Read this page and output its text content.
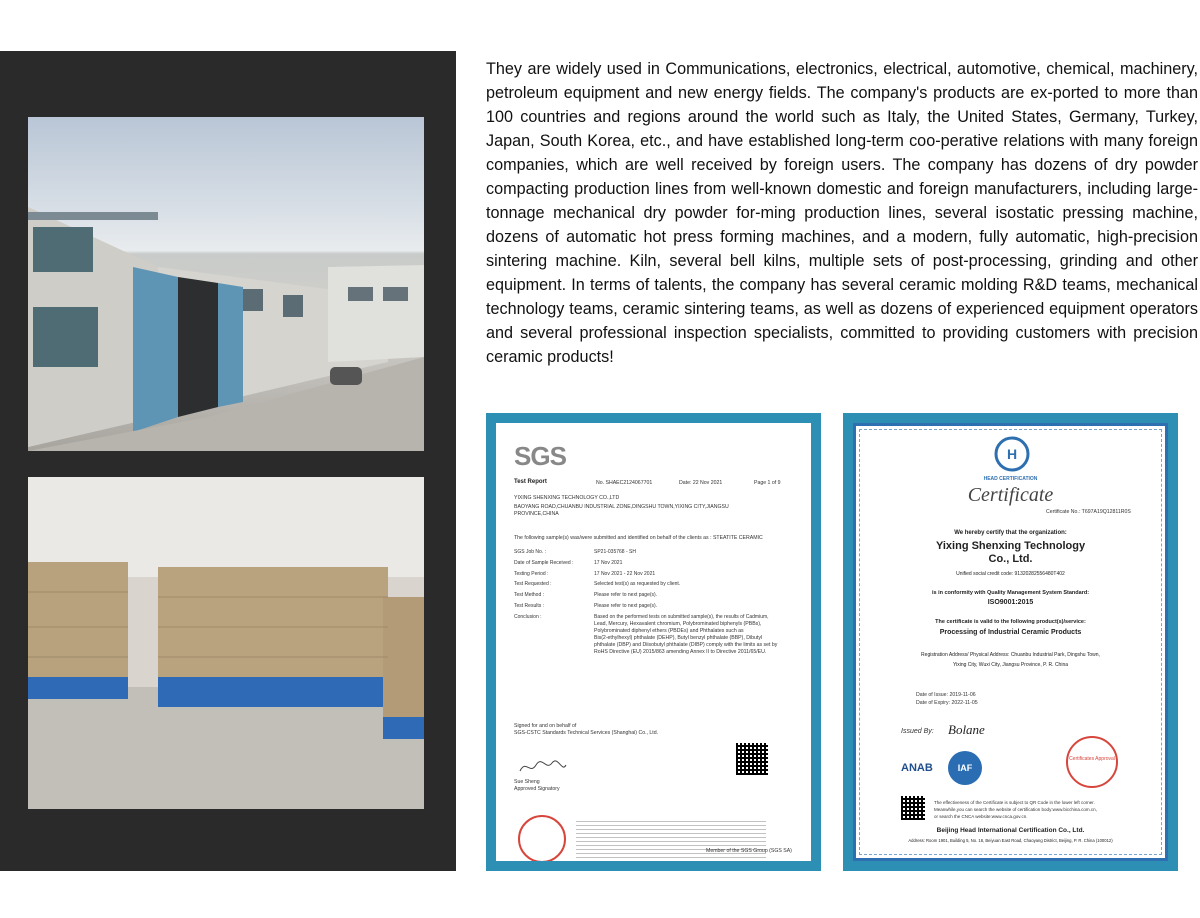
They are widely used in Communications, electronics, electrical, automotive, chemical, machinery, petroleum equipment and new energy fields. The company's products are ex-ported to more than 100 countries and regions around the world such as Italy, the United States, Germany, Turkey, Japan, South Korea, etc., and have established long-term coo-perative relations with many foreign companies, which are well received by foreign users. The company has dozens of dry powder compacting production lines from well-known domestic and foreign manufacturers, including large-tonnage mechanical dry powder for-ming production lines, several isostatic pressing machine, dozens of automatic hot press forming machines, and a modern, fully automatic, high-precision sintering machine. Kiln, several bell kilns, multiple sets of post-processing, grinding and other equipment. In terms of talents, the company has several ceramic molding R&D teams, mechanical technology teams, ceramic sintering teams, as well as dozens of experienced equipment operators and several professional inspection specialists, committed to providing customers with precision ceramic products!

SGS
Test Report	No. SHAEC2124067701	Date: 22 Nov 2021	Page 1 of 9
YIXING SHENXING TECHNOLOGY CO.,LTD
BAOYANG ROAD,CHUANBU INDUSTRIAL ZONE,DINGSHU TOWN,YIXING CITY,JIANGSU
PROVINCE,CHINA
The following sample(s) was/were submitted and identified on behalf of the clients as : STEATITE CERAMIC
SGS Job No. :	SP21-035768 - SH
Date of Sample Received :	17 Nov 2021
Testing Period :	17 Nov 2021 - 22 Nov 2021
Test Requested :	Selected test(s) as requested by client.
Test Method :	Please refer to next page(s).
Test Results :	Please refer to next page(s).
Conclusion :	Based on the performed tests on submitted sample(s), the results of Cadmium,
Lead, Mercury, Hexavalent chromium, Polybrominated biphenyls (PBBs),
Polybrominated diphenyl ethers (PBDEs) and Phthalates such as
Bis(2-ethylhexyl) phthalate (DEHP), Butyl benzyl phthalate (BBP), Dibutyl
phthalate (DBP) and Diisobutyl phthalate (DIBP) comply with the limits as set by
RoHS Directive (EU) 2015/863 amending Annex II to Directive 2011/65/EU.
Signed for and on behalf of
SGS-CSTC Standards Technical Services (Shanghai) Co., Ltd.
Sue Sheng
Approved Signatory
Member of the SGS Group (SGS SA)
H
HEAD CERTIFICATION
Certificate
Certificate No.: T697A19Q12811R0S
We hereby certify that the organization:
Yixing Shenxing Technology
Co., Ltd.
Unified social credit code: 91320282556480T402
is in conformity with Quality Management System Standard:
ISO9001:2015
The certificate is valid to the following product(s)/service:
Processing of Industrial Ceramic Products
Registration Address/ Physical Address: Chuanbu Industrial Park, Dingshu Town,
Yixing City, Wuxi City, Jiangsu Province, P. R. China
Date of Issue: 2019-11-06
Date of Expiry: 2022-11-05
Issued By: Bolane
ANAB	IAF
Certificates Approval
The effectiveness of the Certificate is subject to QR Code in the lower left corner.
Meanwhile,you can search the website of certification body:www.bicchina.com.cn,
or search the CNCA website:www.cnca.gov.cn.
Beijing Head International Certification Co., Ltd.
Address: Room 1901, Building 5, No. 18, Beiyuan East Road, Chaoyang District, Beijing, P. R. China (100012)
